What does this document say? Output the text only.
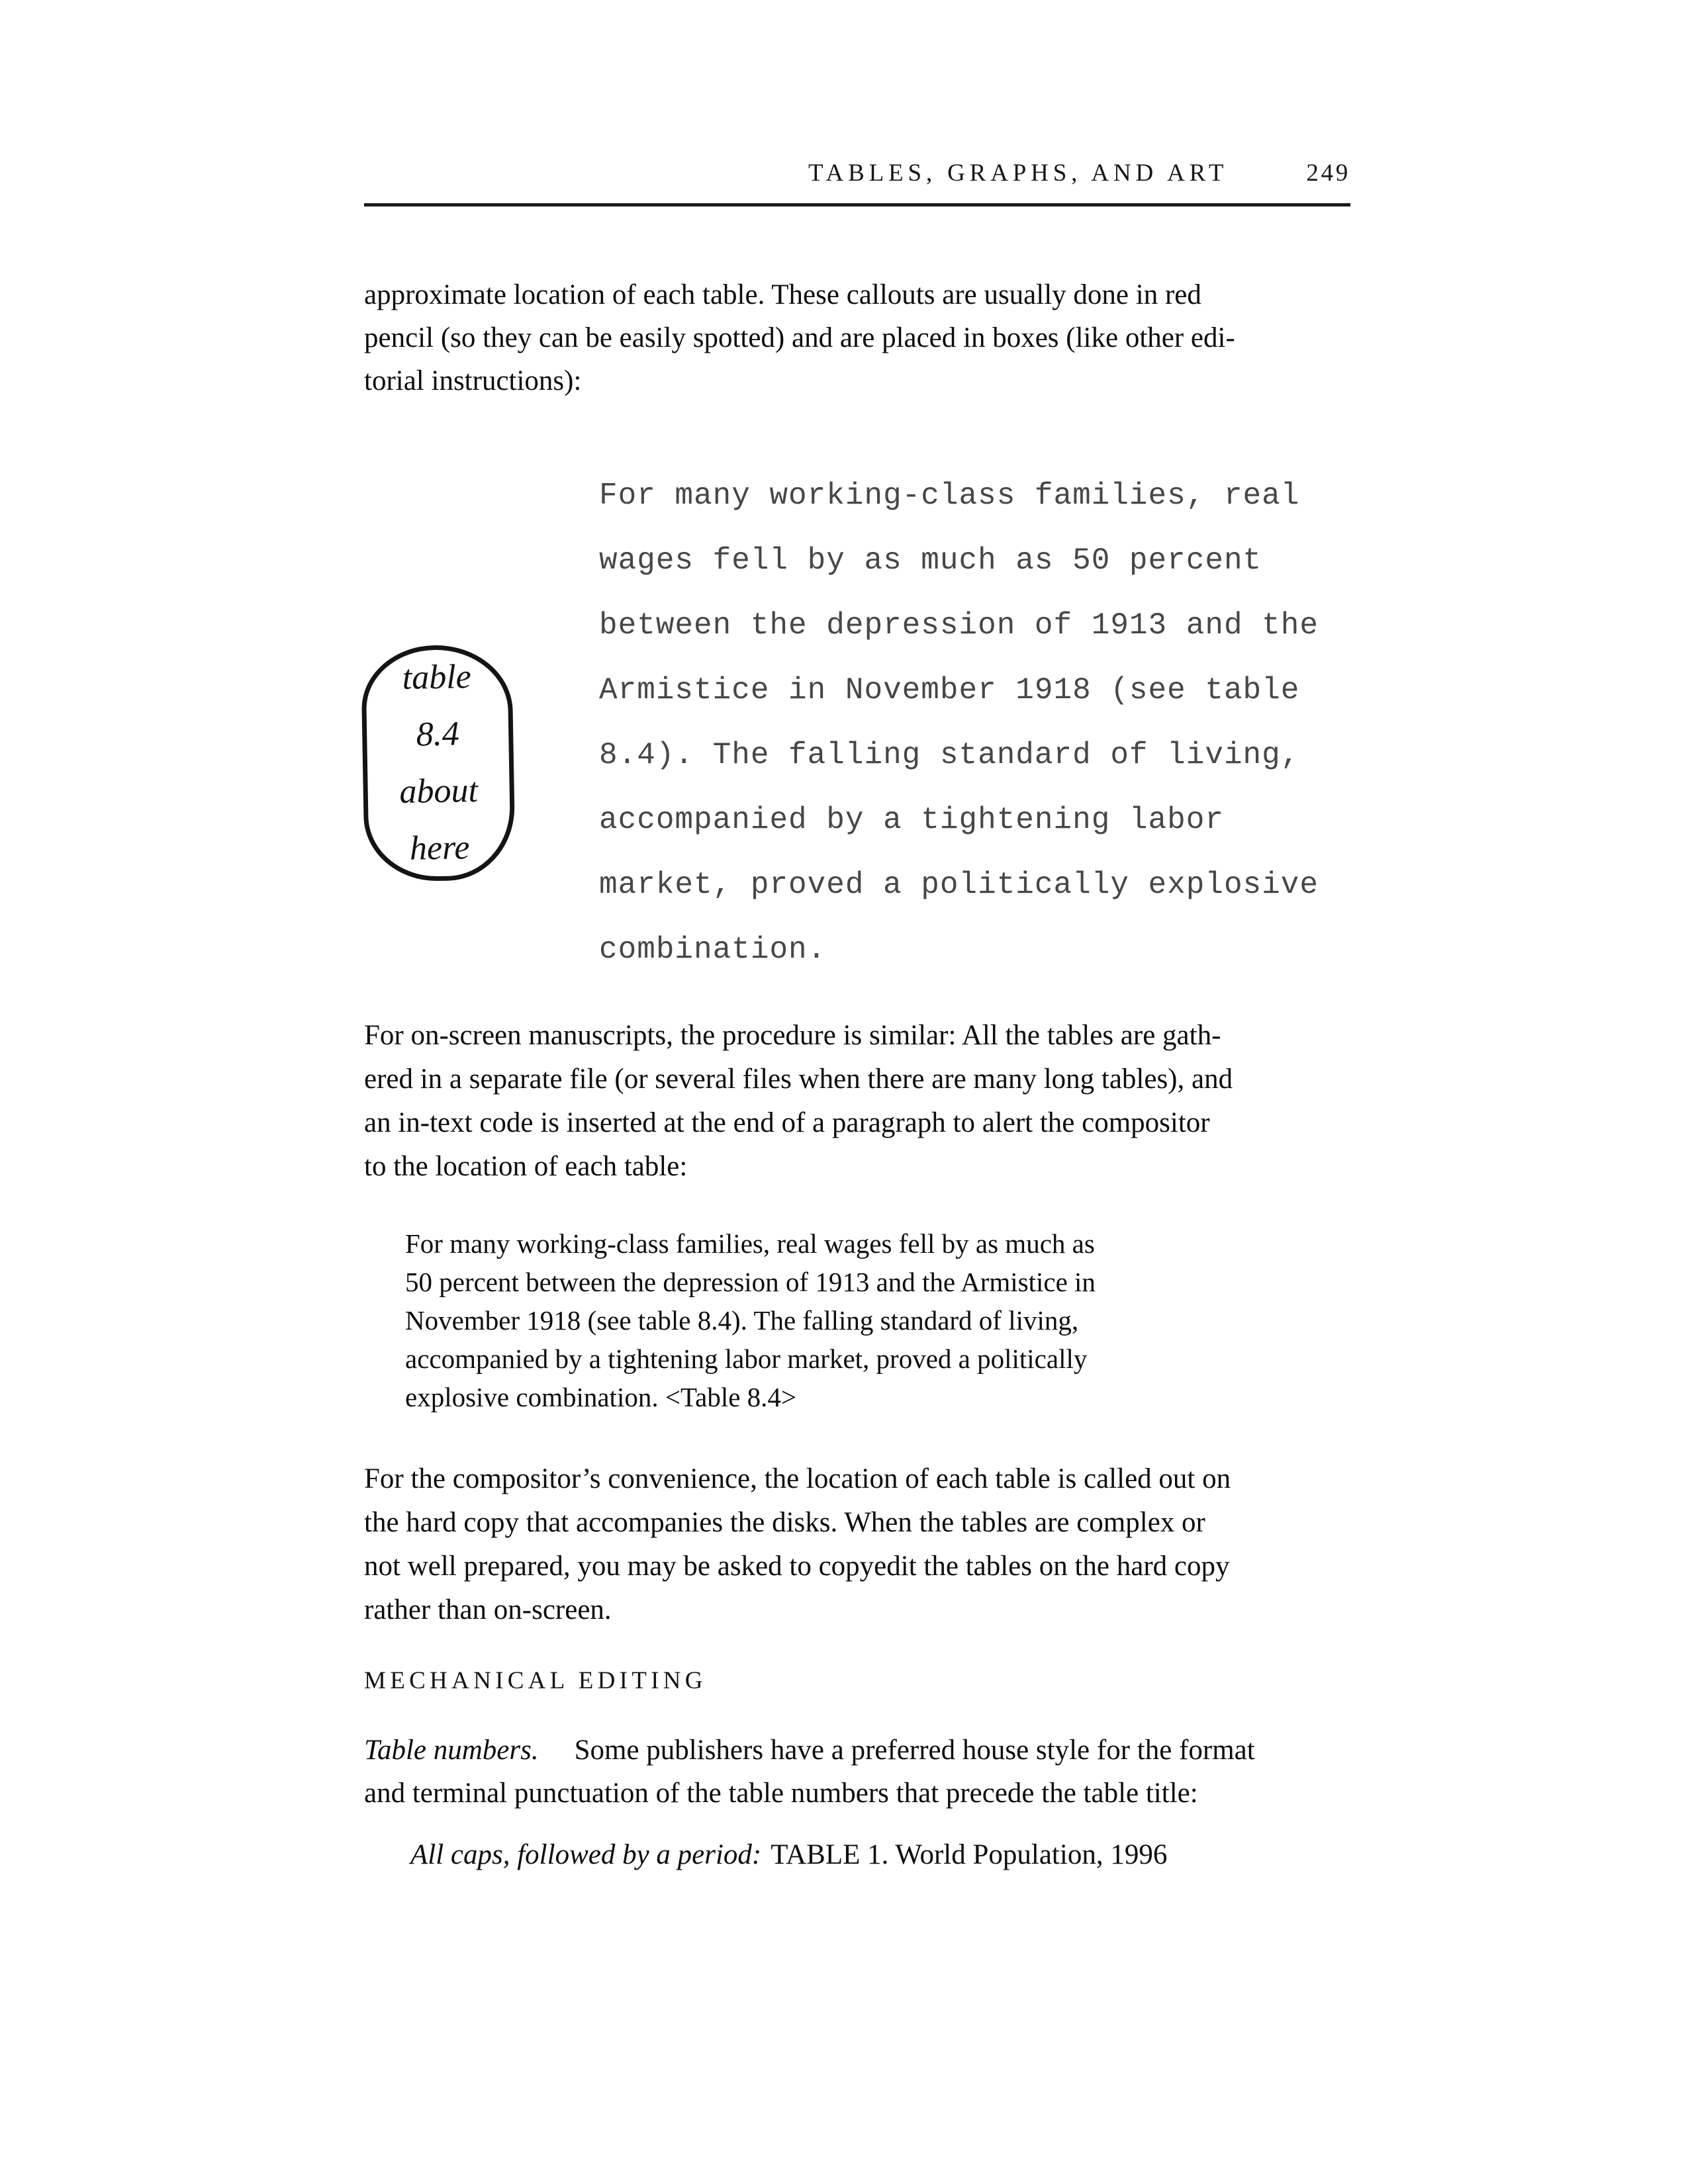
TABLES, GRAPHS, AND ART	249
approximate location of each table. These callouts are usually done in red
pencil (so they can be easily spotted) and are placed in boxes (like other edi-
torial instructions):
For many working-class families, real
wages fell by as much as 50 percent
between the depression of 1913 and the
Armistice in November 1918 (see table
8.4). The falling standard of living,
accompanied by a tightening labor
market, proved a politically explosive
combination.
table
8.4
about
here
For on-screen manuscripts, the procedure is similar: All the tables are gath-
ered in a separate file (or several files when there are many long tables), and
an in-text code is inserted at the end of a paragraph to alert the compositor
to the location of each table:
For many working-class families, real wages fell by as much as
50 percent between the depression of 1913 and the Armistice in
November 1918 (see table 8.4). The falling standard of living,
accompanied by a tightening labor market, proved a politically
explosive combination. <Table 8.4>
For the compositor’s convenience, the location of each table is called out on
the hard copy that accompanies the disks. When the tables are complex or
not well prepared, you may be asked to copyedit the tables on the hard copy
rather than on-screen.
MECHANICAL EDITING
Table numbers. Some publishers have a preferred house style for the format
and terminal punctuation of the table numbers that precede the table title:
All caps, followed by a period: TABLE 1. World Population, 1996
